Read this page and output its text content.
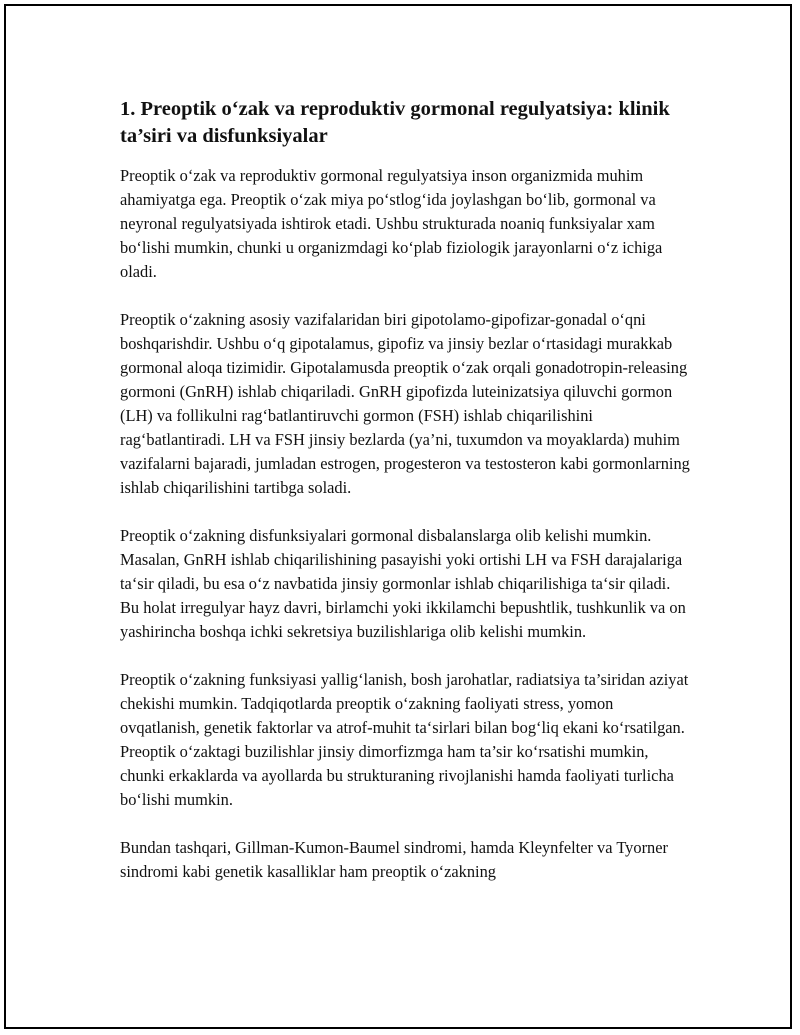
1. Preoptik o‘zak va reproduktiv gormonal regulyatsiya: klinik ta’siri va disfunksiyalar

Preoptik o‘zak va reproduktiv gormonal regulyatsiya inson organizmida muhim ahamiyatga ega. Preoptik o‘zak miya po‘stlog‘ida joylashgan bo‘lib, gormonal va neyronal regulyatsiyada ishtirok etadi. Ushbu strukturada noaniq funksiyalar xam bo‘lishi mumkin, chunki u organizmdagi ko‘plab fiziologik jarayonlarni o‘z ichiga oladi.

Preoptik o‘zakning asosiy vazifalaridan biri gipotolamo-gipofizar-gonadal o‘qni boshqarishdir. Ushbu o‘q gipotalamus, gipofiz va jinsiy bezlar o‘rtasidagi murakkab gormonal aloqa tizimidir. Gipotalamusda preoptik o‘zak orqali gonadotropin-releasing gormoni (GnRH) ishlab chiqariladi. GnRH gipofizda luteinizatsiya qiluvchi gormon (LH) va follikulni rag‘batlantiruvchi gormon (FSH) ishlab chiqarilishini rag‘batlantiradi. LH va FSH jinsiy bezlarda (ya’ni, tuxumdon va moyaklarda) muhim vazifalarni bajaradi, jumladan estrogen, progesteron va testosteron kabi gormonlarning ishlab chiqarilishini tartibga soladi.

Preoptik o‘zakning disfunksiyalari gormonal disbalanslarga olib kelishi mumkin. Masalan, GnRH ishlab chiqarilishining pasayishi yoki ortishi LH va FSH darajalariga ta‘sir qiladi, bu esa o‘z navbatida jinsiy gormonlar ishlab chiqarilishiga ta‘sir qiladi. Bu holat irregulyar hayz davri, birlamchi yoki ikkilamchi bepushtlik, tushkunlik va on yashirincha boshqa ichki sekretsiya buzilishlariga olib kelishi mumkin.

Preoptik o‘zakning funksiyasi yallig‘lanish, bosh jarohatlar, radiatsiya ta’siridan aziyat chekishi mumkin. Tadqiqotlarda preoptik o‘zakning faoliyati stress, yomon ovqatlanish, genetik faktorlar va atrof-muhit ta‘sirlari bilan bog‘liq ekani ko‘rsatilgan. Preoptik o‘zaktagi buzilishlar jinsiy dimorfizmga ham ta’sir ko‘rsatishi mumkin, chunki erkaklarda va ayollarda bu strukturaning rivojlanishi hamda faoliyati turlicha bo‘lishi mumkin.

Bundan tashqari, Gillman-Kumon-Baumel sindromi, hamda Kleynfelter va Tyorner sindromi kabi genetik kasalliklar ham preoptik o‘zakning
